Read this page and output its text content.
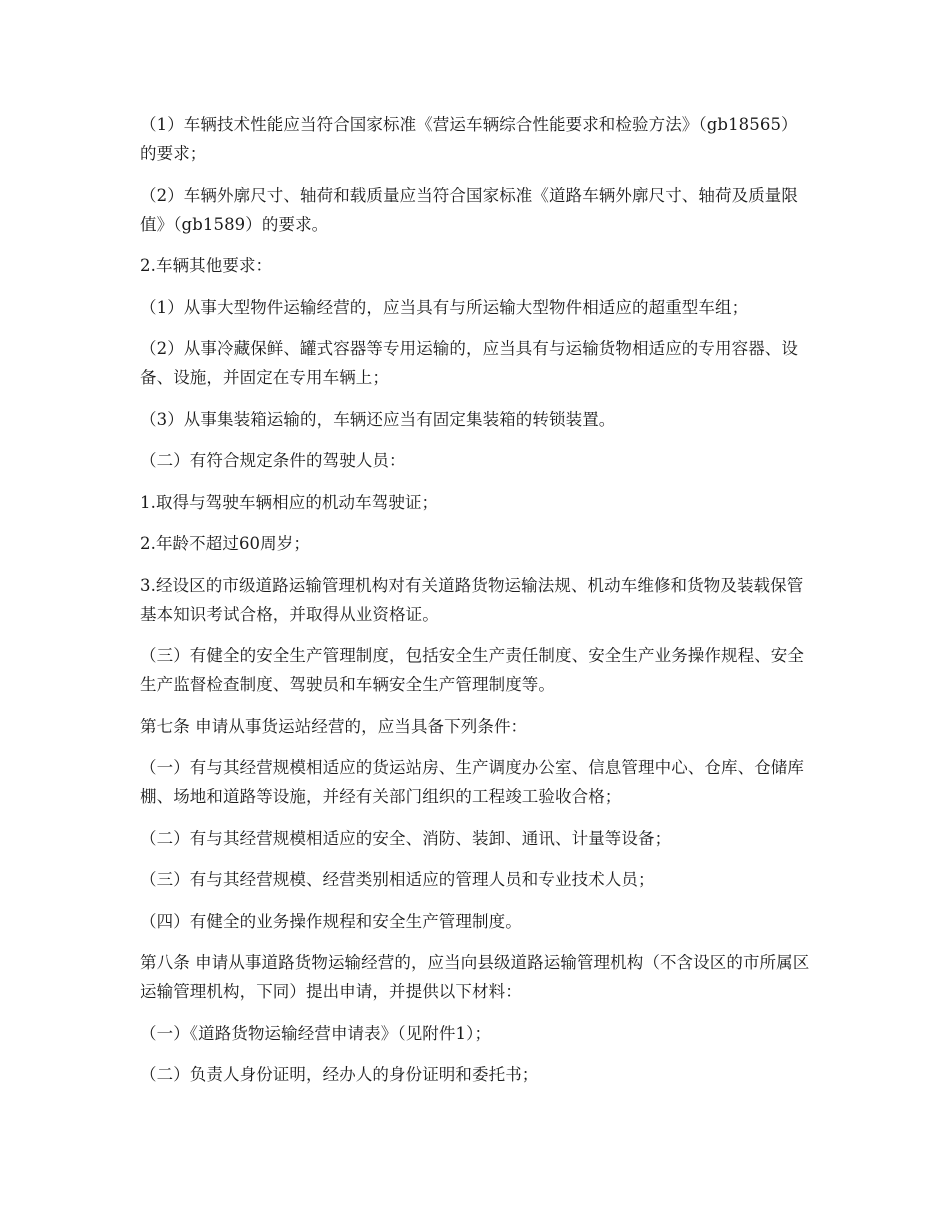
（1）车辆技术性能应当符合国家标准《营运车辆综合性能要求和检验方法》（gb18565）的要求；

（2）车辆外廓尺寸、轴荷和载质量应当符合国家标准《道路车辆外廓尺寸、轴荷及质量限值》（gb1589）的要求。

2.车辆其他要求：

（1）从事大型物件运输经营的，应当具有与所运输大型物件相适应的超重型车组；

（2）从事冷藏保鲜、罐式容器等专用运输的，应当具有与运输货物相适应的专用容器、设备、设施，并固定在专用车辆上；

（3）从事集装箱运输的，车辆还应当有固定集装箱的转锁装置。

（二）有符合规定条件的驾驶人员：

1.取得与驾驶车辆相应的机动车驾驶证；

2.年龄不超过60周岁；

3.经设区的市级道路运输管理机构对有关道路货物运输法规、机动车维修和货物及装载保管基本知识考试合格，并取得从业资格证。

（三）有健全的安全生产管理制度，包括安全生产责任制度、安全生产业务操作规程、安全生产监督检查制度、驾驶员和车辆安全生产管理制度等。

第七条 申请从事货运站经营的，应当具备下列条件：

（一）有与其经营规模相适应的货运站房、生产调度办公室、信息管理中心、仓库、仓储库棚、场地和道路等设施，并经有关部门组织的工程竣工验收合格；

（二）有与其经营规模相适应的安全、消防、装卸、通讯、计量等设备；

（三）有与其经营规模、经营类别相适应的管理人员和专业技术人员；

（四）有健全的业务操作规程和安全生产管理制度。

第八条 申请从事道路货物运输经营的，应当向县级道路运输管理机构（不含设区的市所属区运输管理机构，下同）提出申请，并提供以下材料：

（一）《道路货物运输经营申请表》（见附件1）；

（二）负责人身份证明，经办人的身份证明和委托书；
